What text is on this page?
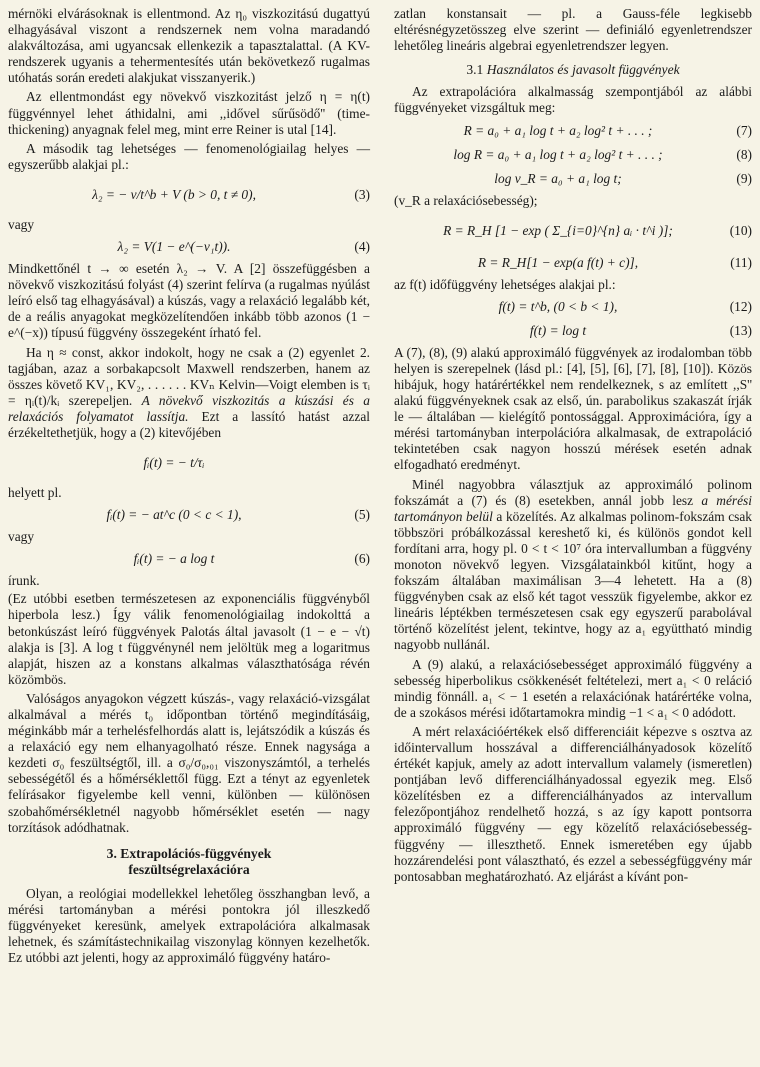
mérnöki elvárásoknak is ellentmond. Az η₀ viszkozitású dugattyú elhagyásával viszont a rendszernek nem volna maradandó alakváltozása, ami ugyancsak ellenkezik a tapasztalattal. (A KV-rendszerek ugyanis a tehermentesítés után bekövetkező rugalmas utóhatás során eredeti alakjukat visszanyerik.)

Az ellentmondást egy növekvő viszkozitást jelző η = η(t) függvénnyel lehet áthidalni, ami ,,idővel sűrűsödő'' (time-thickening) anyagnak felel meg, mint erre Reiner is utal [14].

A második tag lehetséges — fenomenológiailag helyes — egyszerűbb alakjai pl.:

λ₂ = − v/t^b + V (b > 0, t ≠ 0),	(3)
vagy
λ₂ = V(1 − e^(−v₁t)).	(4)

Mindkettőnél t → ∞ esetén λ₂ → V. A [2] összefüggésben a növekvő viszkozitású folyást (4) szerint felírva (a rugalmas nyúlást leíró első tag elhagyásával) a kúszás, vagy a relaxáció legalább két, de a reális anyagokat megközelítendően inkább több azonos (1 − e^(−x)) típusú függvény összegeként írható fel.

Ha η ≈ const, akkor indokolt, hogy ne csak a (2) egyenlet 2. tagjában, azaz a sorbakapcsolt Maxwell rendszerben, hanem az összes követő KV₁, KV₂, . . . . . . KVₙ Kelvin—Voigt elemben is τᵢ = ηᵢ(t)/kᵢ szerepeljen. A növekvő viszkozitás a kúszási és a relaxációs folyamatot lassítja. Ezt a lassító hatást azzal érzékeltethetjük, hogy a (2) kitevőjében

fᵢ(t) = − t/τᵢ
helyett pl.
fᵢ(t) = − at^c (0 < c < 1),	(5)
vagy
fᵢ(t) = − a log t	(6)
írunk.

(Ez utóbbi esetben természetesen az exponenciális függvényből hiperbola lesz.) Így válik fenomenológiailag indokolttá a betonkúszást leíró függvények Palotás által javasolt (1 − e − √t) alakja is [3]. A log t függvénynél nem jelöltük meg a logaritmus alapját, hiszen az a konstans alkalmas választhatósága révén közömbös.

Valóságos anyagokon végzett kúszás-, vagy relaxáció-vizsgálat alkalmával a mérés t₀ időpontban történő megindításáig, méginkább már a terhelésfelhordás alatt is, lejátszódik a kúszás és a relaxáció egy nem elhanyagolható része. Ennek nagysága a kezdeti σ₀ feszültségtől, ill. a σ₀/σ₀,₀₁ viszonyszámtól, a terhelés sebességétől és a hőmérséklettől függ. Ezt a tényt az egyenletek felírásakor figyelembe kell venni, különben — különösen szobahőmérsékletnél nagyobb hőmérséklet esetén — nagy torzítások adódhatnak.

3. Extrapolációs-függvények
feszültségrelaxációra

Olyan, a reológiai modellekkel lehetőleg összhangban levő, a mérési tartományban a mérési pontokra jól illeszkedő függvényeket keresünk, amelyek extrapolációra alkalmasak lehetnek, és számítástechnikailag viszonylag könnyen kezelhetők. Ez utóbbi azt jelenti, hogy az approximáló függvény határo-

zatlan konstansait — pl. a Gauss-féle legkisebb eltérésnégyzetösszeg elve szerint — definiáló egyenletrendszer lehetőleg lineáris algebrai egyenletrendszer legyen.

3.1 Használatos és javasolt függvények

Az extrapolációra alkalmasság szempontjából az alábbi függvényeket vizsgáltuk meg:

R = a₀ + a₁ log t + a₂ log² t + . . . ;	(7)
log R = a₀ + a₁ log t + a₂ log² t + . . . ;	(8)
log v_R = a₀ + a₁ log t;	(9)
(v_R a relaxációsebesség);
R = R_H [1 − exp ( Σ_{i=0}^{n} aᵢ · t^i )];	(10)
R = R_H[1 − exp(a f(t) + c)],	(11)
az f(t) időfüggvény lehetséges alakjai pl.:
f(t) = t^b, (0 < b < 1),	(12)
f(t) = log t	(13)

A (7), (8), (9) alakú approximáló függvények az irodalomban több helyen is szerepelnek (lásd pl.: [4], [5], [6], [7], [8], [10]). Közös hibájuk, hogy határértékkel nem rendelkeznek, s az említett ,,S'' alakú függvényeknek csak az első, ún. parabolikus szakaszát írják le — általában — kielégítő pontossággal. Approximációra, így a mérési tartományban interpolációra alkalmasak, de extrapoláció tekintetében csak nagyon hosszú mérések esetén adnak elfogadható eredményt.

Minél nagyobbra választjuk az approximáló polinom fokszámát a (7) és (8) esetekben, annál jobb lesz a mérési tartományon belül a közelítés. Az alkalmas polinom-fokszám csak többszöri próbálkozással kereshető ki, és különös gondot kell fordítani arra, hogy pl. 0 < t < 10⁷ óra intervallumban a függvény monoton növekvő legyen. Vizsgálatainkból kitűnt, hogy a fokszám általában maximálisan 3—4 lehetett. Ha a (8) függvényben csak az első két tagot vesszük figyelembe, akkor ez lineáris léptékben természetesen csak egy egyszerű parabolával történő közelítést jelent, tekintve, hogy az a₁ együttható mindig nagyobb nullánál.

A (9) alakú, a relaxációsebességet approximáló függvény a sebesség hiperbolikus csökkenését feltételezi, mert a₁ < 0 reláció mindig fönnáll. a₁ < − 1 esetén a relaxációnak határértéke volna, de a szokásos mérési időtartamokra mindig −1 < a₁ < 0 adódott.

A mért relaxációértékek első differenciáit képezve s osztva az időintervallum hosszával a differenciálhányadosok közelítő értékét kapjuk, amely az adott intervallum valamely (ismeretlen) pontjában levő differenciálhányadossal egyezik meg. Első közelítésben ez a differenciálhányados az intervallum felezőpontjához rendelhető hozzá, s az így kapott pontsorra approximáló függvény — egy közelítő relaxációsebesség-függvény — illeszthető. Ennek ismeretében egy újabb hozzárendelési pont választható, és ezzel a sebességfüggvény már pontosabban meghatározható. Az eljárást a kívánt pon-
